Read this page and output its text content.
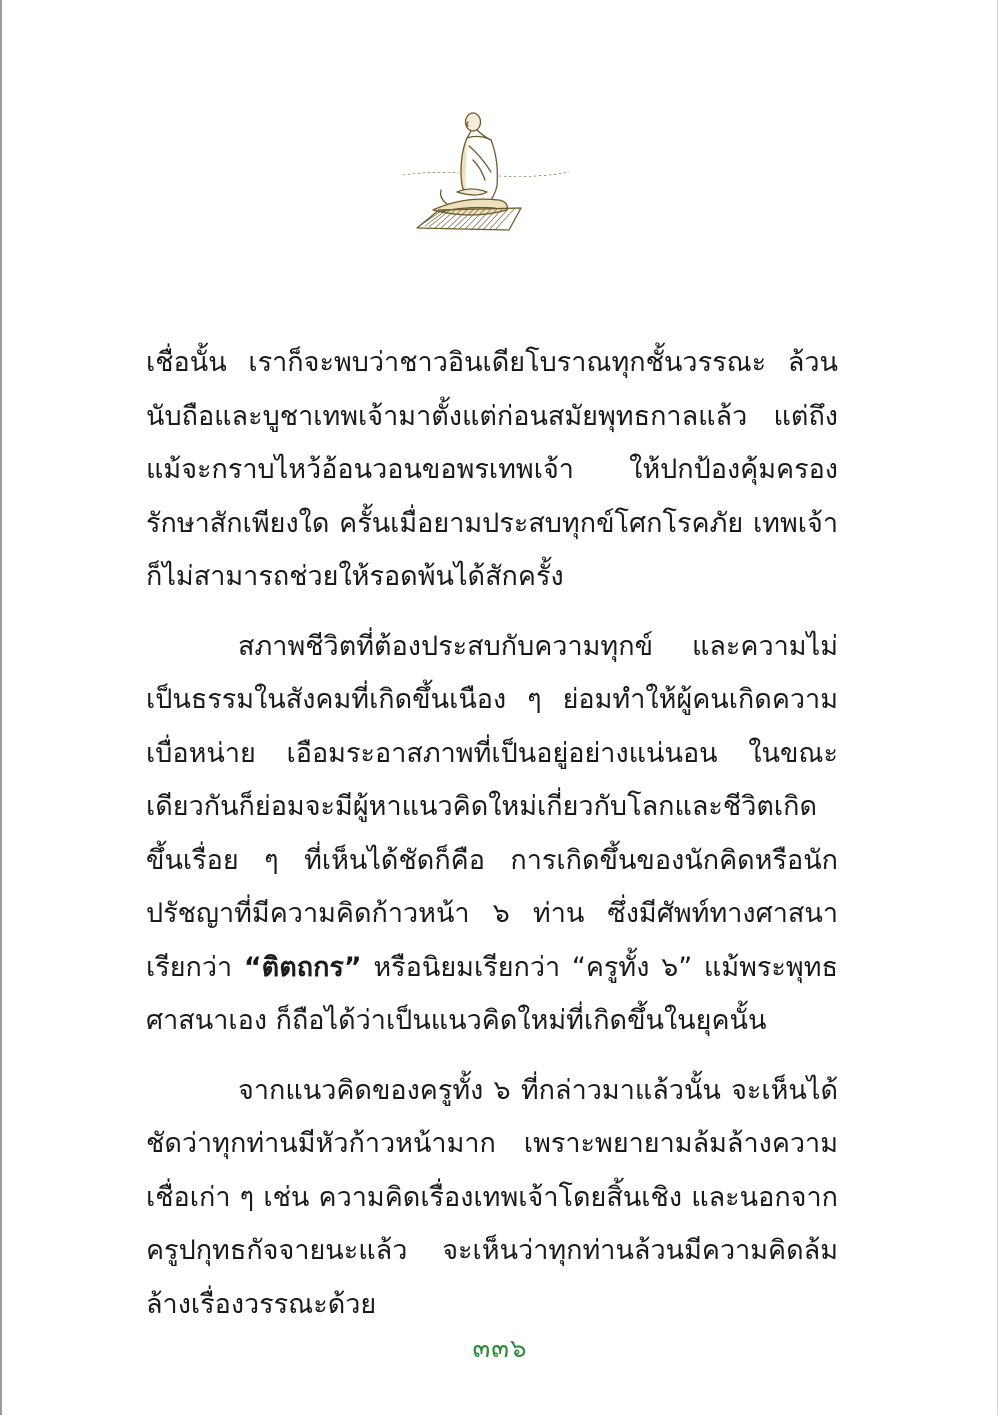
เชื่อนั้น เราก็จะพบว่าชาวอินเดียโบราณทุกชั้นวรรณะ ล้วนนับถือและบูชาเทพเจ้ามาตั้งแต่ก่อนสมัยพุทธกาลแล้ว แต่ถึงแม้จะกราบไหว้อ้อนวอนขอพรเทพเจ้า ให้ปกป้องคุ้มครองรักษาสักเพียงใด ครั้นเมื่อยามประสบทุกข์โศกโรคภัย เทพเจ้าก็ไม่สามารถช่วยให้รอดพ้นได้สักครั้ง

สภาพชีวิตที่ต้องประสบกับความทุกข์ และความไม่เป็นธรรมในสังคมที่เกิดขึ้นเนือง ๆ ย่อมทำให้ผู้คนเกิดความเบื่อหน่าย เอือมระอาสภาพที่เป็นอยู่อย่างแน่นอน ในขณะเดียวกันก็ย่อมจะมีผู้หาแนวคิดใหม่เกี่ยวกับโลกและชีวิตเกิดขึ้นเรื่อย ๆ ที่เห็นได้ชัดก็คือ การเกิดขึ้นของนักคิดหรือนักปรัชญาที่มีความคิดก้าวหน้า ๖ ท่าน ซึ่งมีศัพท์ทางศาสนาเรียกว่า “ติตถกร” หรือนิยมเรียกว่า “ครูทั้ง ๖” แม้พระพุทธศาสนาเอง ก็ถือได้ว่าเป็นแนวคิดใหม่ที่เกิดขึ้นในยุคนั้น

จากแนวคิดของครูทั้ง ๖ ที่กล่าวมาแล้วนั้น จะเห็นได้ชัดว่าทุกท่านมีหัวก้าวหน้ามาก เพราะพยายามล้มล้างความเชื่อเก่า ๆ เช่น ความคิดเรื่องเทพเจ้าโดยสิ้นเชิง และนอกจากครูปกุทธกัจจายนะแล้ว จะเห็นว่าทุกท่านล้วนมีความคิดล้มล้างเรื่องวรรณะด้วย

๓๓๖
